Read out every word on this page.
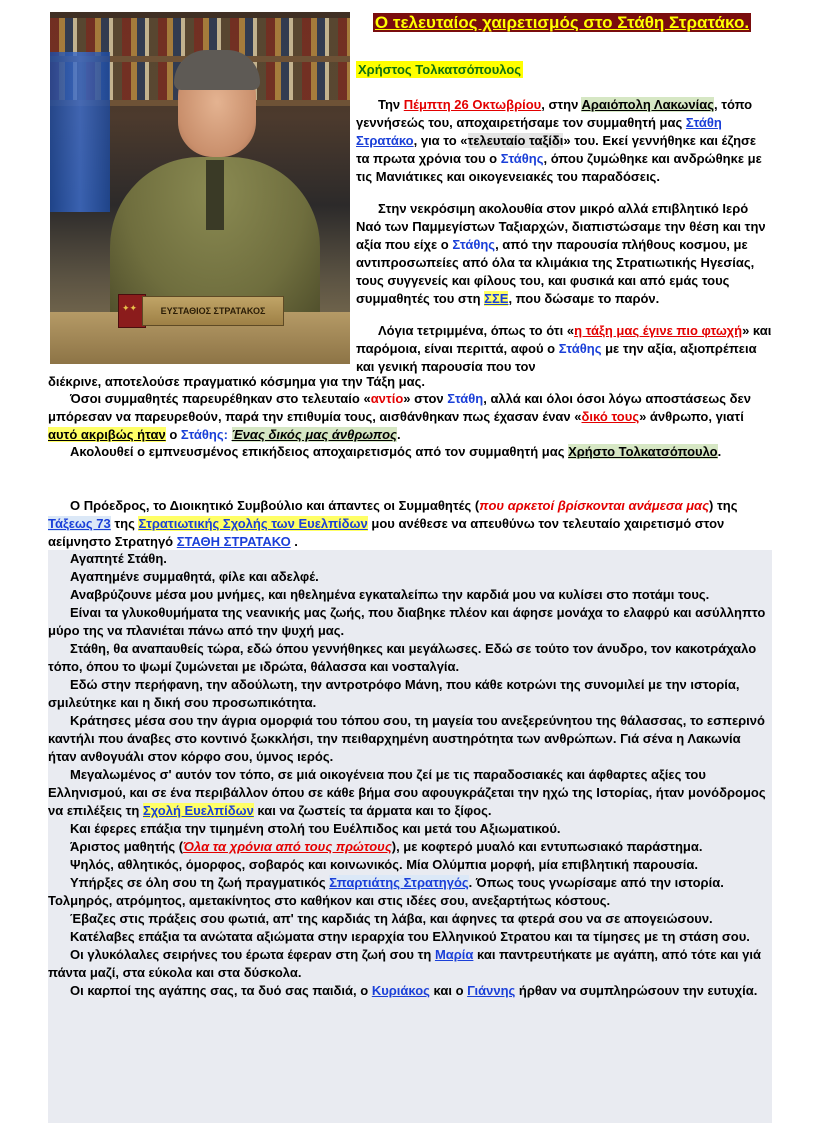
✦✦
ΕΥΣΤΑΘΙΟΣ ΣΤΡΑΤΑΚΟΣ
Ο τελευταίος χαιρετισμός στο Στάθη Στρατάκο.
Χρήστος Τολκατσόπουλος
Την Πέμπτη 26 Οκτωβρίου, στην Αραιόπολη Λακωνίας, τόπο γεννήσεώς του, αποχαιρετήσαμε τον συμμαθητή μας Στάθη Στρατάκο, για το «τελευταίο ταξίδι» του. Εκεί γεννήθηκε και έζησε τα πρωτα χρόνια του ο Στάθης, όπου ζυμώθηκε και ανδρώθηκε με τις Μανιάτικες και οικογενειακές του παραδόσεις.
Στην νεκρόσιμη ακολουθία στον μικρό αλλά επιβλητικό Ιερό Ναό των Παμμεγίστων Ταξιαρχών, διαπιστώσαμε την θέση και την αξία που είχε ο Στάθης, από την παρουσία πλήθους κοσμου, με αντιπροσωπείες από όλα τα κλιμάκια της Στρατιωτικής Ηγεσίας, τους συγγενείς και φίλους του, και φυσικά και από εμάς τους συμμαθητές του στη ΣΣΕ, που δώσαμε το παρόν.
Λόγια τετριμμένα, όπως το ότι «η τάξη μας έγινε πιο φτωχή» και παρόμοια, είναι περιττά, αφού ο Στάθης με την αξία, αξιοπρέπεια και γενική παρουσία που τον
διέκρινε, αποτελούσε πραγματικό κόσμημα για την Τάξη μας.
Όσοι συμμαθητές παρευρέθηκαν στο τελευταίο «αντίο» στον Στάθη, αλλά και όλοι όσοι λόγω αποστάσεως δεν μπόρεσαν να παρευρεθούν, παρά την επιθυμία τους, αισθάνθηκαν πως έχασαν έναν «δικό τους» άνθρωπο, γιατί αυτό ακριβώς ήταν ο Στάθης: Ένας δικός μας άνθρωπος.
Ακολουθεί ο εμπνευσμένος επικήδειος αποχαιρετισμός από τον συμμαθητή μας Χρήστο Τολκατσόπουλο.
Ο Πρόεδρος, το Διοικητικό Συμβούλιο και άπαντες οι Συμμαθητές (που αρκετοί βρίσκονται ανάμεσα μας) της Τάξεως 73 της Στρατιωτικής Σχολής των Ευελπίδων μου ανέθεσε να απευθύνω τον τελευταίο χαιρετισμό στον αείμνηστο Στρατηγό ΣΤΑΘΗ ΣΤΡΑΤΑΚΟ .
Αγαπητέ Στάθη.
Αγαπημένε συμμαθητά, φίλε και αδελφέ.
Αναβρύζουνε μέσα μου μνήμες, και ηθελημένα εγκαταλείπω την καρδιά μου να κυλίσει στο ποτάμι τους.
Είναι τα γλυκοθυμήματα της νεανικής μας ζωής, που διαβηκε πλέον και άφησε μονάχα το ελαφρύ και ασύλληπτο μύρο της να πλανιέται πάνω από την ψυχή μας.
Στάθη, θα αναπαυθείς τώρα, εδώ όπου γεννήθηκες και μεγάλωσες. Εδώ σε τούτο τον άνυδρο, τον κακοτράχαλο τόπο, όπου το ψωμί ζυμώνεται με ιδρώτα, θάλασσα και νοσταλγία.
Εδώ στην περήφανη, την αδούλωτη, την αντροτρόφο Μάνη, που κάθε κοτρώνι της συνομιλεί με την ιστορία, σμιλεύτηκε και η δική σου προσωπικότητα.
Κράτησες μέσα σου την άγρια ομορφιά του τόπου σου, τη μαγεία του ανεξερεύνητου της θάλασσας, το εσπερινό καντήλι που άναβες στο κοντινό ξωκκλήσι, την πειθαρχημένη αυστηρότητα των ανθρώπων. Γιά σένα η Λακωνία ήταν ανθογυάλι στον κόρφο σου, ύμνος ιερός.
Μεγαλωμένος σ' αυτόν τον τόπο, σε μιά οικογένεια που ζεί με τις παραδοσιακές και άφθαρτες αξίες του Ελληνισμού, και σε ένα περιβάλλον όπου σε κάθε βήμα σου αφουγκράζεται την ηχώ της Ιστορίας, ήταν μονόδρομος να επιλέξεις τη Σχολή Ευελπίδων και να ζωστείς τα άρματα και το ξίφος.
Και έφερες επάξια την τιμημένη στολή του Ευέλπιδος και μετά του Αξιωματικού.
Άριστος μαθητής (Όλα τα χρόνια από τους πρώτους), με κοφτερό μυαλό και εντυπωσιακό παράστημα.
Ψηλός, αθλητικός, όμορφος, σοβαρός και κοινωνικός. Μία Ολύμπια μορφή, μία επιβλητική παρουσία.
Υπήρξες σε όλη σου τη ζωή πραγματικός Σπαρτιάτης Στρατηγός. Όπως τους γνωρίσαμε από την ιστορία. Τολμηρός, ατρόμητος, αμετακίνητος στο καθήκον και στις ιδέες σου, ανεξαρτήτως κόστους.
Έβαζες στις πράξεις σου φωτιά, απ' της καρδιάς τη λάβα, και άφηνες τα φτερά σου να σε απογειώσουν.
Κατέλαβες επάξια τα ανώτατα αξιώματα στην ιεραρχία του Ελληνικού Στρατου και τα τίμησες με τη στάση σου.
Οι γλυκόλαλες σειρήνες του έρωτα έφεραν στη ζωή σου τη Μαρία και παντρευτήκατε με αγάπη, από τότε και γιά πάντα μαζί, στα εύκολα και στα δύσκολα.
Οι καρποί της αγάπης σας, τα δυό σας παιδιά, ο Κυριάκος και ο Γιάννης ήρθαν να συμπληρώσουν την ευτυχία.
